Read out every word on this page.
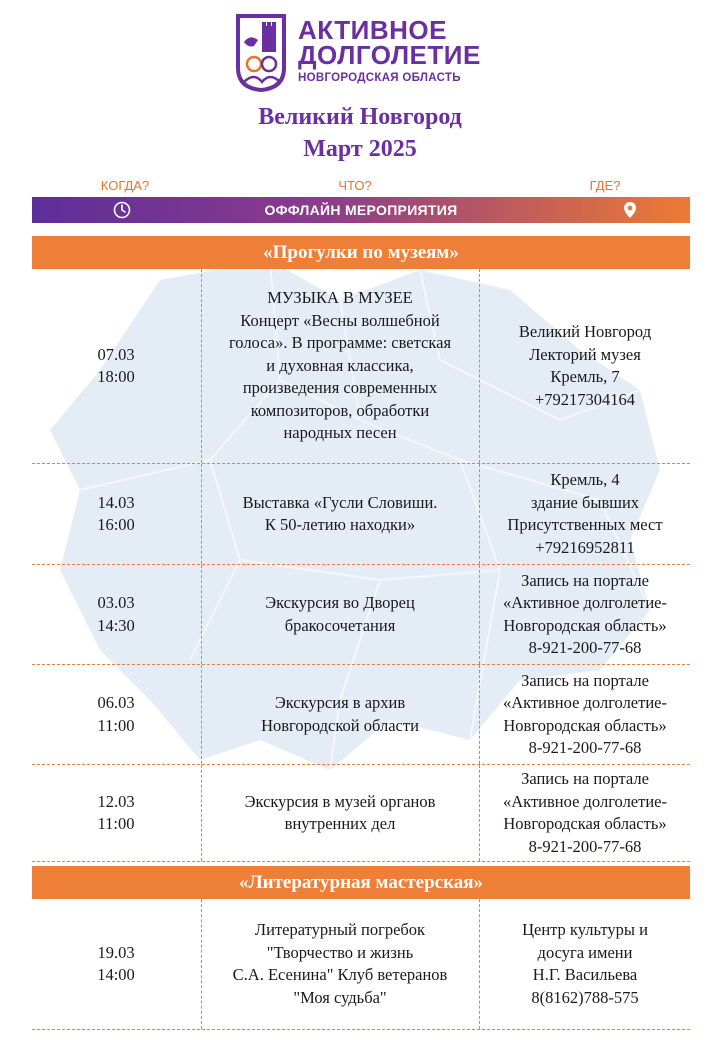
АКТИВНОЕ
ДОЛГОЛЕТИЕ
НОВГОРОДСКАЯ ОБЛАСТЬ
Великий Новгород
Март 2025
КОГДА?	ЧТО?	ГДЕ?
ОФФЛАЙН МЕРОПРИЯТИЯ
«Прогулки по музеям»
07.03
18:00
МУЗЫКА В МУЗЕЕ
Концерт «Весны волшебной
голоса». В программе: светская
и духовная классика,
произведения современных
композиторов, обработки
народных песен
Великий Новгород
Лекторий музея
Кремль, 7
+79217304164
14.03
16:00
Выставка «Гусли Словиши.
К 50-летию находки»
Кремль, 4
здание бывших
Присутственных мест
+79216952811
03.03
14:30
Экскурсия во Дворец
бракосочетания
Запись на портале
«Активное долголетие-
Новгородская область»
8-921-200-77-68
06.03
11:00
Экскурсия в архив
Новгородской области
Запись на портале
«Активное долголетие-
Новгородская область»
8-921-200-77-68
12.03
11:00
Экскурсия в музей органов
внутренних дел
Запись на портале
«Активное долголетие-
Новгородская область»
8-921-200-77-68
«Литературная мастерская»
19.03
14:00
Литературный погребок
"Творчество и жизнь
С.А. Есенина" Клуб ветеранов
"Моя судьба"
Центр культуры и
досуга имени
Н.Г. Васильева
8(8162)788-575
